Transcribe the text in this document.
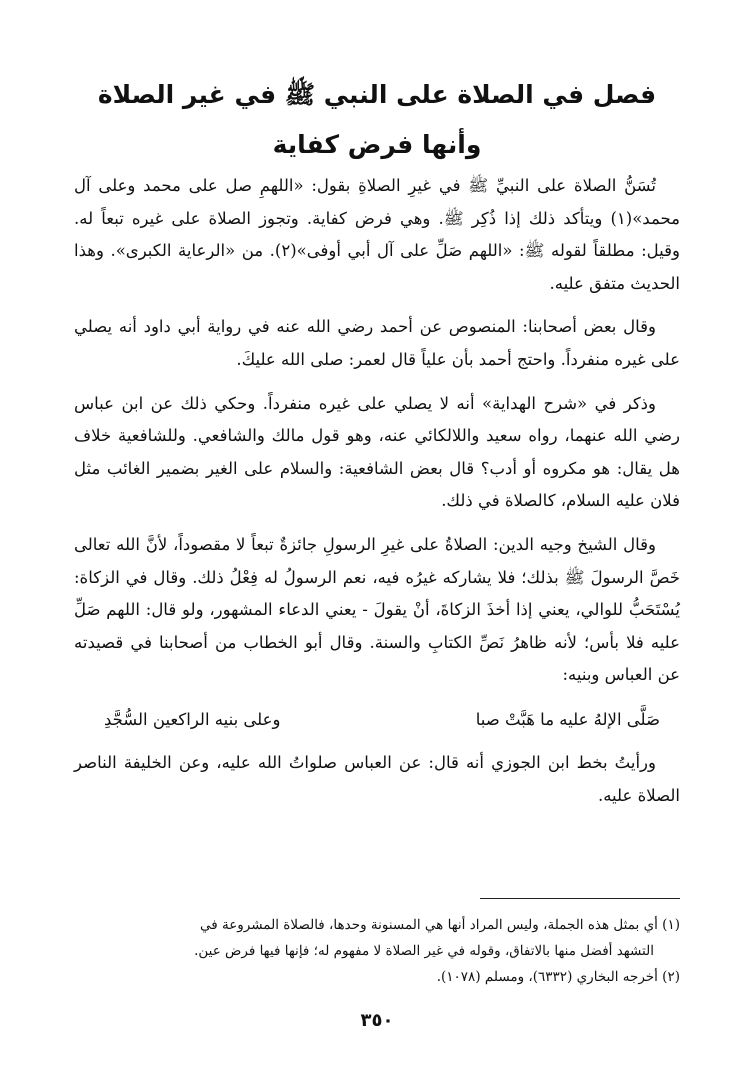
فصل في الصلاة على النبي ﷺ في غير الصلاة
وأنها فرض كفاية

تُسَنُّ الصلاة على النبيِّ ﷺ في غيرِ الصلاةِ بقول: «اللهمِ صل على محمد وعلى آل محمد»(١) ويتأكد ذلك إذا ذُكِر ﷺ. وهي فرض كفاية. وتجوز الصلاة على غيره تبعاً له. وقيل: مطلقاً لقوله ﷺ: «اللهم صَلِّ على آل أبي أوفى»(٢). من «الرعاية الكبرى». وهذا الحديث متفق عليه.

وقال بعض أصحابنا: المنصوص عن أحمد رضي الله عنه في رواية أبي داود أنه يصلي على غيره منفرداً. واحتج أحمد بأن علياً قال لعمر: صلى الله عليكَ.

وذكر في «شرح الهداية» أنه لا يصلي على غيره منفرداً. وحكي ذلك عن ابن عباس رضي الله عنهما، رواه سعيد واللالكائي عنه، وهو قول مالك والشافعي. وللشافعية خلاف هل يقال: هو مكروه أو أدب؟ قال بعض الشافعية: والسلام على الغير بضمير الغائب مثل فلان عليه السلام، كالصلاة في ذلك.

وقال الشيخ وجيه الدين: الصلاةُ على غيرِ الرسولِ جائزةٌ تبعاً لا مقصوداً، لأنَّ الله تعالى خَصَّ الرسولَ ﷺ بذلك؛ فلا يشاركه غيرُه فيه، نعم الرسولُ له فِعْلُ ذلك. وقال في الزكاة: يُسْتَحَبُّ للوالي، يعني إذا أخذَ الزكاةَ، أنْ يقولَ - يعني الدعاء المشهور، ولو قال: اللهم صَلِّ عليه فلا بأس؛ لأنه ظاهرُ نَصِّ الكتابِ والسنة. وقال أبو الخطاب من أصحابنا في قصيدته عن العباس وبنيه:

صَلَّى الإلهُ عليه ما هَبَّتْ صبا
وعلى بنيه الراكعين السُّجَّدِ

ورأيتُ بخط ابن الجوزي أنه قال: عن العباس صلواتُ الله عليه، وعن الخليفة الناصر الصلاة عليه.

(١) أي بمثل هذه الجملة، وليس المراد أنها هي المسنونة وحدها، فالصلاة المشروعة في
التشهد أفضل منها بالاتفاق، وقوله في غير الصلاة لا مفهوم له؛ فإنها فيها فرض عين.
(٢) أخرجه البخاري (٦٣٣٢)، ومسلم (١٠٧٨).
٣٥٠
